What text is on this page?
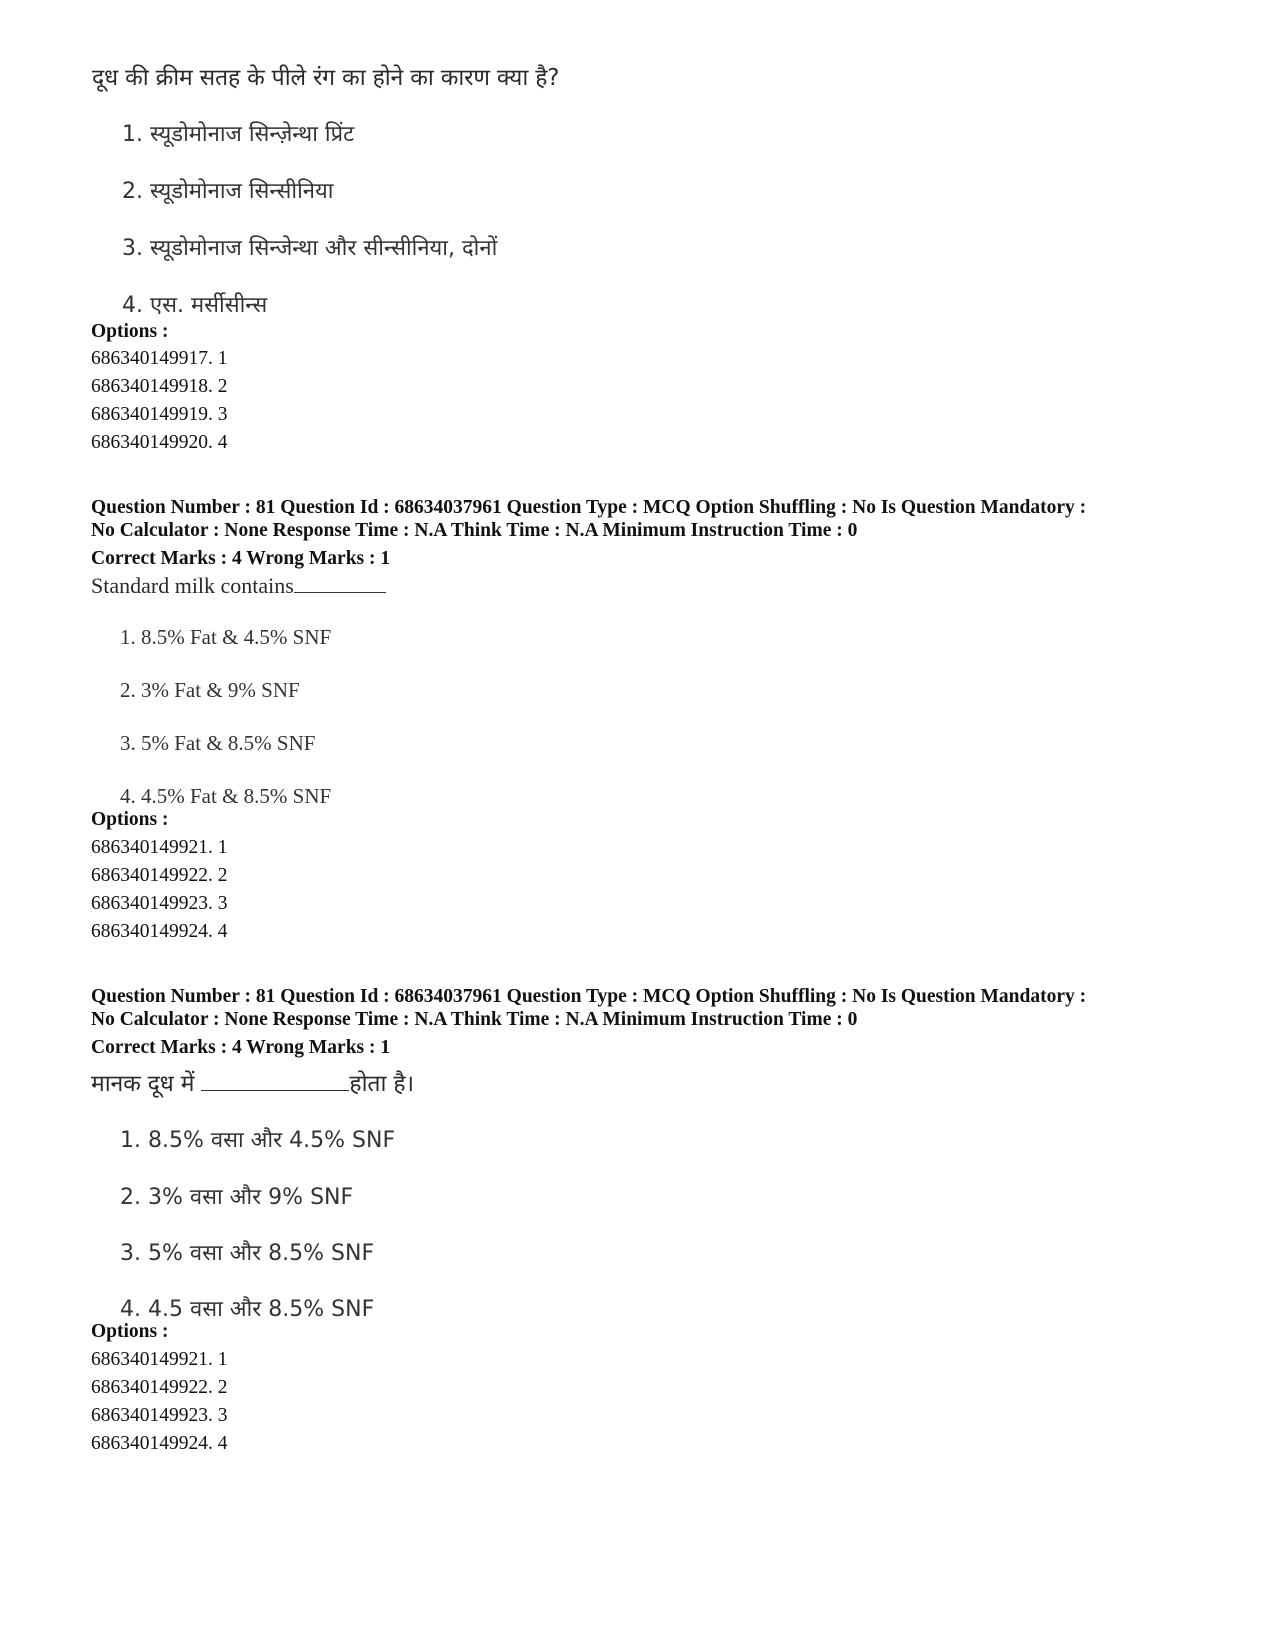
दूध की क्रीम सतह के पीले रंग का होने का कारण क्या है?
1. स्यूडोमोनाज सिन्ज़ेन्था प्रिंट
2. स्यूडोमोनाज सिन्सीनिया
3. स्यूडोमोनाज सिन्जेन्था और सीन्सीनिया, दोनों
4. एस. मर्सीसीन्स
Options :
686340149917. 1
686340149918. 2
686340149919. 3
686340149920. 4
Question Number : 81 Question Id : 68634037961 Question Type : MCQ Option Shuffling : No Is Question Mandatory :
No Calculator : None Response Time : N.A Think Time : N.A Minimum Instruction Time : 0
Correct Marks : 4 Wrong Marks : 1
Standard milk contains
1. 8.5% Fat & 4.5% SNF
2. 3% Fat & 9% SNF
3. 5% Fat & 8.5% SNF
4. 4.5% Fat & 8.5% SNF
Options :
686340149921. 1
686340149922. 2
686340149923. 3
686340149924. 4
Question Number : 81 Question Id : 68634037961 Question Type : MCQ Option Shuffling : No Is Question Mandatory :
No Calculator : None Response Time : N.A Think Time : N.A Minimum Instruction Time : 0
Correct Marks : 4 Wrong Marks : 1
मानक दूध में	होता है।
1. 8.5% वसा और 4.5% SNF
2. 3% वसा और 9% SNF
3. 5% वसा और 8.5% SNF
4. 4.5 वसा और 8.5% SNF
Options :
686340149921. 1
686340149922. 2
686340149923. 3
686340149924. 4
